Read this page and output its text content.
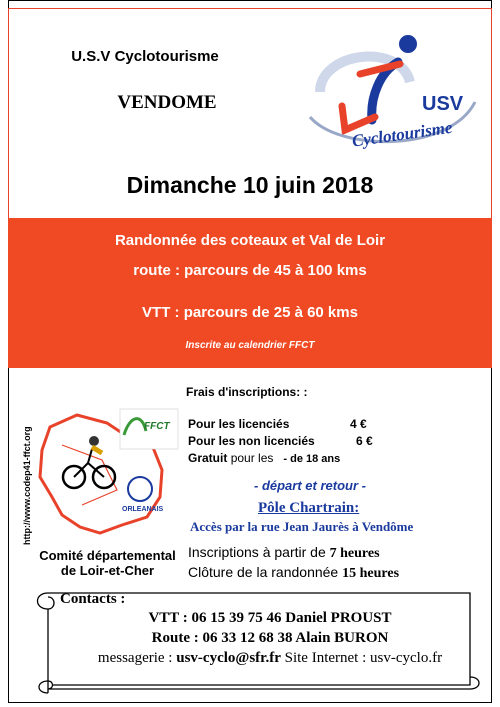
U.S.V Cyclotourisme
VENDOME	USV
Cyclotourisme
Dimanche 10 juin 2018
Randonnée des coteaux et Val de Loir
route : parcours de 45 à 100 kms
VTT : parcours de 25 à 60 kms
Inscrite au calendrier FFCT
FFCT
ORLEANAIS
http://www.codep41-ffct.org
Comité départemental
de Loir-et-Cher
Frais d'inscriptions: :
Pour les licenciés	4 €
Pour les non licenciés	6 €
Gratuit pour les - de 18 ans
- départ et retour -
Pôle Chartrain:
Accès par la rue Jean Jaurès à Vendôme
Inscriptions à partir de 7 heures
Clôture de la randonnée 15 heures
Contacts :
VTT : 06 15 39 75 46 Daniel PROUST
Route : 06 33 12 68 38 Alain BURON
messagerie : usv-cyclo@sfr.fr Site Internet : usv-cyclo.fr
